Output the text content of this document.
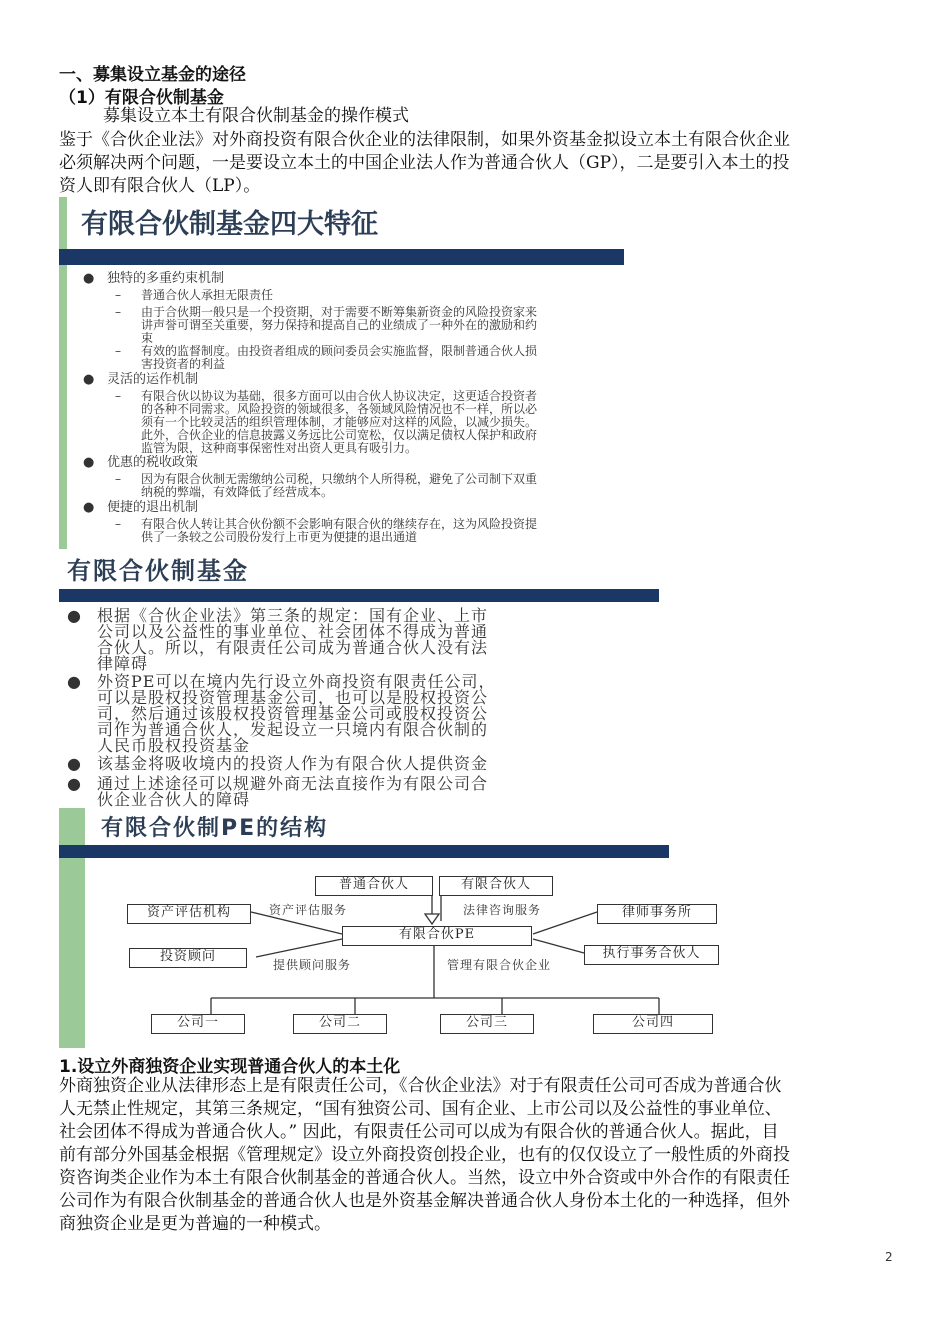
一、募集设立基金的途径
（1）有限合伙制基金
募集设立本土有限合伙制基金的操作模式
鉴于《合伙企业法》对外商投资有限合伙企业的法律限制，如果外资基金拟设立本土有限合伙企业
必须解决两个问题，一是要设立本土的中国企业法人作为普通合伙人（GP），二是要引入本土的投
资人即有限合伙人（LP）。
有限合伙制基金四大特征
● 独特的多重约束机制
– 普通合伙人承担无限责任
– 由于合伙期一般只是一个投资期，对于需要不断筹集新资金的风险投资家来
讲声誉可谓至关重要，努力保持和提高自己的业绩成了一种外在的激励和约
束
– 有效的监督制度。由投资者组成的顾问委员会实施监督，限制普通合伙人损
害投资者的利益
● 灵活的运作机制
– 有限合伙以协议为基础，很多方面可以由合伙人协议决定，这更适合投资者
的各种不同需求。风险投资的领域很多，各领域风险情况也不一样，所以必
须有一个比较灵活的组织管理体制，才能够应对这样的风险，以减少损失。
此外，合伙企业的信息披露义务远比公司宽松，仅以满足债权人保护和政府
监管为限，这种商事保密性对出资人更具有吸引力。
● 优惠的税收政策
– 因为有限合伙制无需缴纳公司税，只缴纳个人所得税，避免了公司制下双重
纳税的弊端，有效降低了经营成本。
● 便捷的退出机制
– 有限合伙人转让其合伙份额不会影响有限合伙的继续存在，这为风险投资提
供了一条较之公司股份发行上市更为便捷的退出通道
有限合伙制基金
● 根据《合伙企业法》第三条的规定：国有企业、上市
公司以及公益性的事业单位、社会团体不得成为普通
合伙人。所以，有限责任公司成为普通合伙人没有法
律障碍
● 外资PE可以在境内先行设立外商投资有限责任公司，
可以是股权投资管理基金公司，也可以是股权投资公
司，然后通过该股权投资管理基金公司或股权投资公
司作为普通合伙人，发起设立一只境内有限合伙制的
人民币股权投资基金
● 该基金将吸收境内的投资人作为有限合伙人提供资金
● 通过上述途径可以规避外商无法直接作为有限公司合
伙企业合伙人的障碍
有限合伙制PE的结构
普通合伙人	有限合伙人
资产评估机构	律师事务所
有限合伙PE
投资顾问	执行事务合伙人
资产评估服务	法律咨询服务
提供顾问服务	管理有限合伙企业
公司一	公司二	公司三	公司四
1.设立外商独资企业实现普通合伙人的本土化
外商独资企业从法律形态上是有限责任公司，《合伙企业法》对于有限责任公司可否成为普通合伙
人无禁止性规定，其第三条规定，“国有独资公司、国有企业、上市公司以及公益性的事业单位、
社会团体不得成为普通合伙人。” 因此，有限责任公司可以成为有限合伙的普通合伙人。据此，目
前有部分外国基金根据《管理规定》设立外商投资创投企业，也有的仅仅设立了一般性质的外商投
资咨询类企业作为本土有限合伙制基金的普通合伙人。当然，设立中外合资或中外合作的有限责任
公司作为有限合伙制基金的普通合伙人也是外资基金解决普通合伙人身份本土化的一种选择，但外
商独资企业是更为普遍的一种模式。
2
